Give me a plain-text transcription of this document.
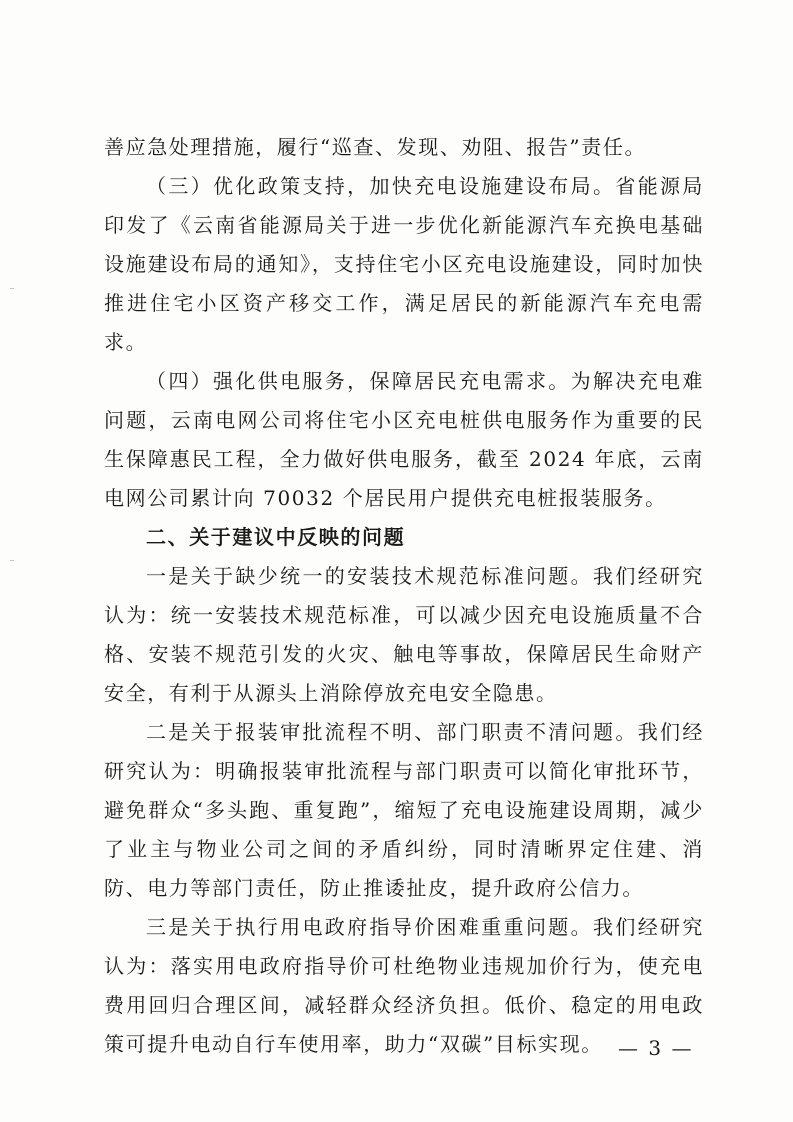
善应急处理措施，履行“巡查、发现、劝阻、报告”责任。

（三）优化政策支持，加快充电设施建设布局。省能源局印发了《云南省能源局关于进一步优化新能源汽车充换电基础设施建设布局的通知》，支持住宅小区充电设施建设，同时加快推进住宅小区资产移交工作，满足居民的新能源汽车充电需求。

（四）强化供电服务，保障居民充电需求。为解决充电难问题，云南电网公司将住宅小区充电桩供电服务作为重要的民生保障惠民工程，全力做好供电服务，截至 2024 年底，云南电网公司累计向 70032 个居民用户提供充电桩报装服务。

二、关于建议中反映的问题

一是关于缺少统一的安装技术规范标准问题。我们经研究认为：统一安装技术规范标准，可以减少因充电设施质量不合格、安装不规范引发的火灾、触电等事故，保障居民生命财产安全，有利于从源头上消除停放充电安全隐患。

二是关于报装审批流程不明、部门职责不清问题。我们经研究认为：明确报装审批流程与部门职责可以简化审批环节，避免群众“多头跑、重复跑”，缩短了充电设施建设周期，减少了业主与物业公司之间的矛盾纠纷，同时清晰界定住建、消防、电力等部门责任，防止推诿扯皮，提升政府公信力。

三是关于执行用电政府指导价困难重重问题。我们经研究认为：落实用电政府指导价可杜绝物业违规加价行为，使充电费用回归合理区间，减轻群众经济负担。低价、稳定的用电政策可提升电动自行车使用率，助力“双碳”目标实现。 — 3 —
